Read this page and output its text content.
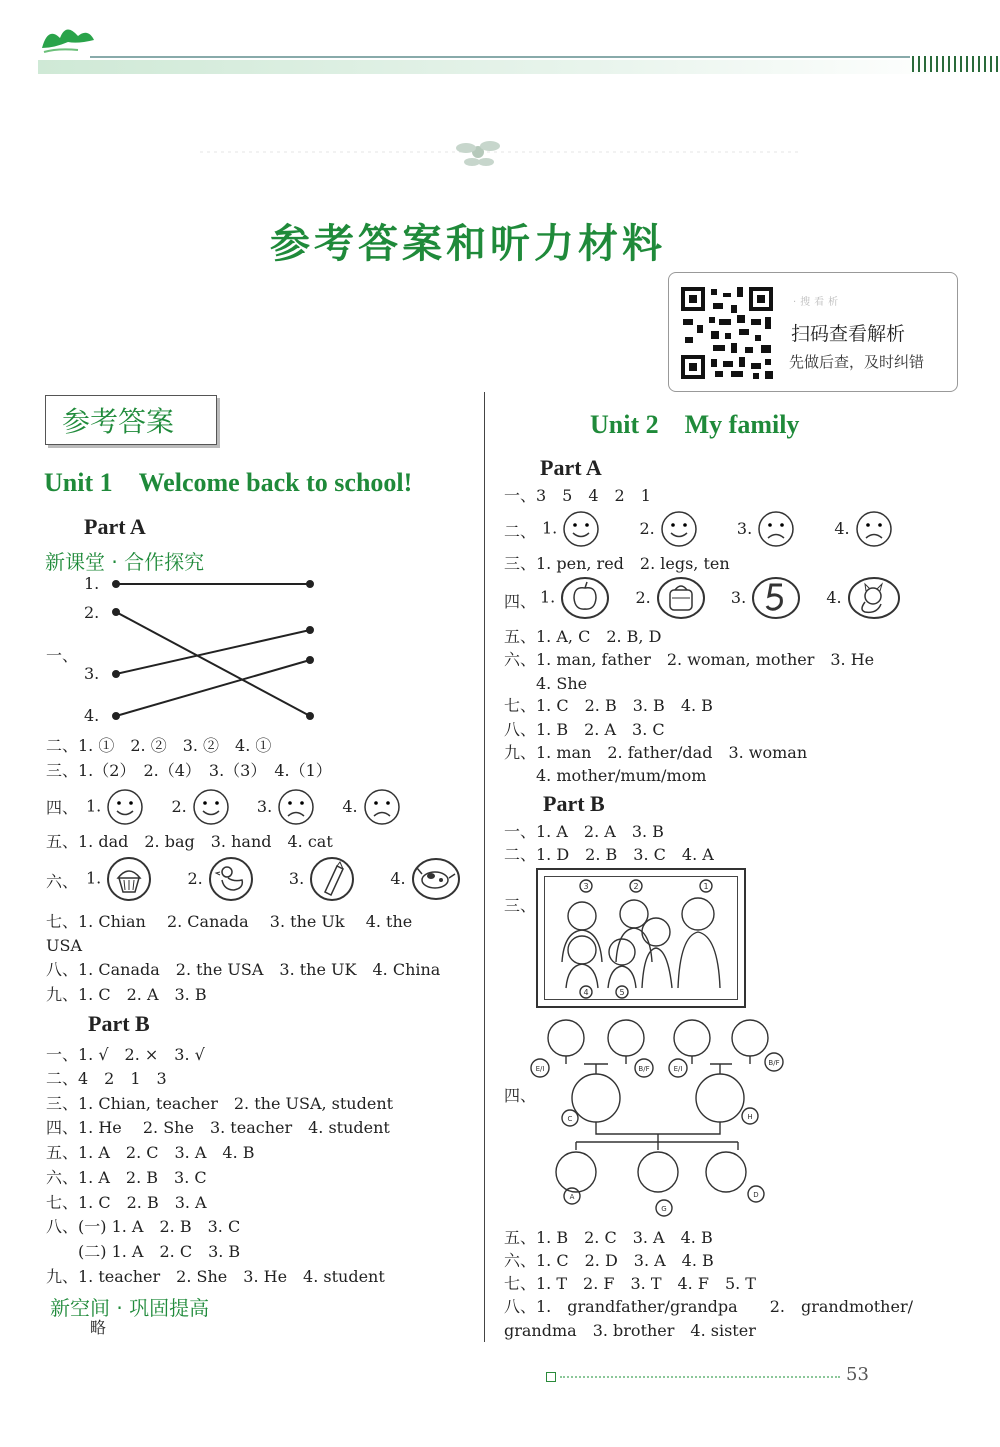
参考答案和听力材料
·搜看析
扫码查看解析
先做后查，及时纠错
参考答案
Unit 1　Welcome back to school!
Part A
新课堂 · 合作探究
一、
1.
2.
3.
4.
二、1. ①　2. ②　3. ②　4. ①
三、1.（2）　2.（4）　3.（3）　4.（1）
四、 1.	2.	3.	4.
五、1. dad　2. bag　3. hand　4. cat
六、 1.	2.	3.	4.
七、1. Chian　 2. Canada　 3. the Uk　 4. the
USA
八、1. Canada　2. the USA　3. the UK　4. China
九、1. C　2. A　3. B
Part B
一、1. √　2. ×　3. √
二、4　2　1　3
三、1. Chian, teacher　2. the USA, student
四、1. He　 2. She　3. teacher　4. student
五、1. A　2. C　3. A　4. B
六、1. A　2. B　3. C
七、1. C　2. B　3. A
八、(一) 1. A　2. B　3. C
　　(二) 1. A　2. C　3. B
九、1. teacher　2. She　3. He　4. student
新空间 · 巩固提高
略
Unit 2　My family
Part A
一、3　5　4　2　1
二、 1.	2.	3.	4.
三、1. pen, red　2. legs, ten
四、 1.	2.	3.	4.
五、1. A, C　2. B, D
六、1. man, father　2. woman, mother　3. He
　　4. She
七、1. C　2. B　3. B　4. B
八、1. B　2. A　3. C
九、1. man　2. father/dad　3. woman
　　4. mother/mum/mom
Part B
一、1. A　2. A　3. B
二、1. D　2. B　3. C　4. A
三、
3	2	1
4	5
四、
E/I	B/F	E/I
B/F
C	H
A
G
D
五、1. B　2. C　3. A　4. B
六、1. C　2. D　3. A　4. B
七、1. T　2. F　3. T　4. F　5. T
八、1.　grandfather/grandpa　　2.　grandmother/
grandma　3. brother　4. sister
53
